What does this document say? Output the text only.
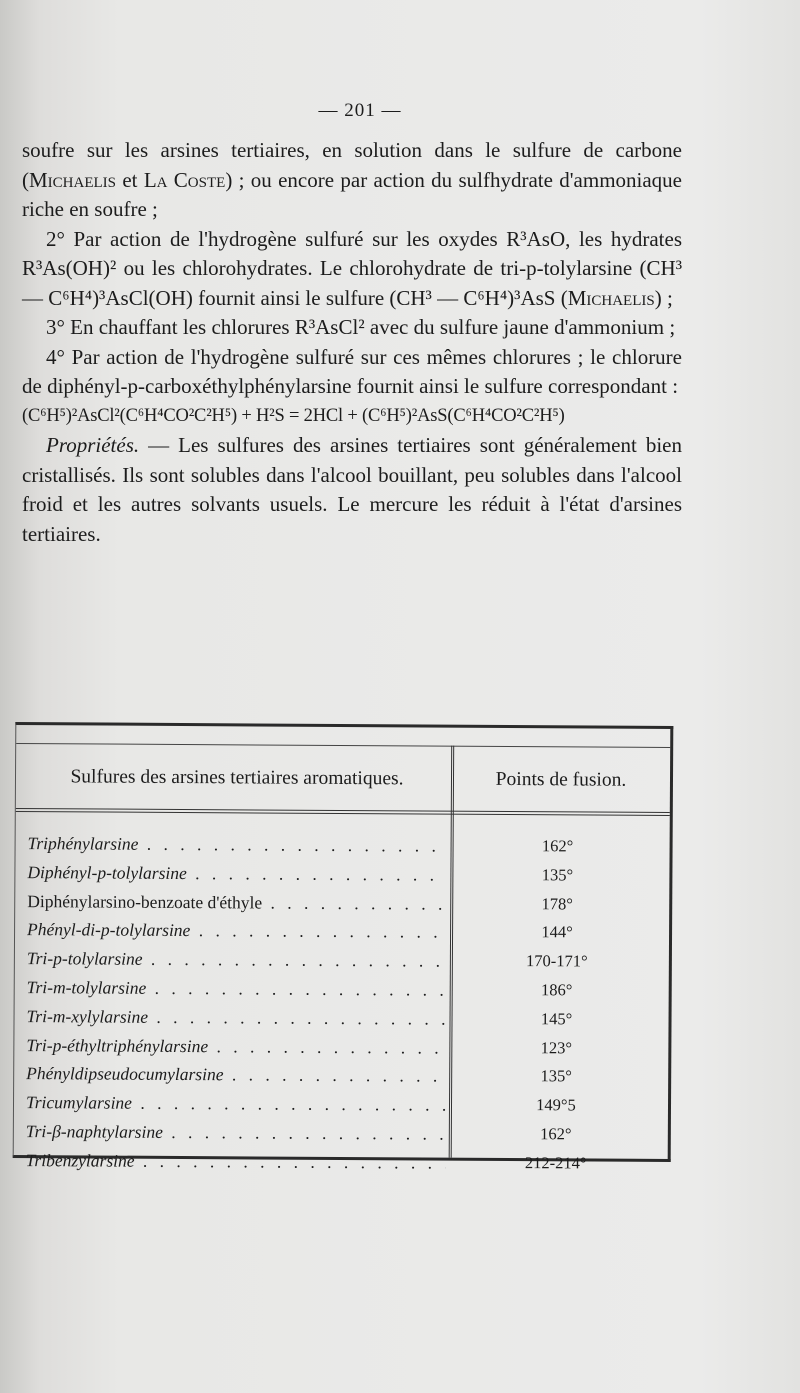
— 201 —

soufre sur les arsines tertiaires, en solution dans le sulfure de carbone (Michaelis et La Coste) ; ou encore par action du sulfhydrate d'ammoniaque riche en soufre ;

2° Par action de l'hydrogène sulfuré sur les oxydes R³AsO, les hydrates R³As(OH)² ou les chlorohydrates. Le chlorohydrate de tri-p-tolylarsine (CH³ — C⁶H⁴)³AsCl(OH) fournit ainsi le sulfure (CH³ — C⁶H⁴)³AsS (Michaelis) ;

3° En chauffant les chlorures R³AsCl² avec du sulfure jaune d'ammonium ;

4° Par action de l'hydrogène sulfuré sur ces mêmes chlorures ; le chlorure de diphényl-p-carboxéthylphénylarsine fournit ainsi le sulfure correspondant :

(C⁶H⁵)²AsCl²(C⁶H⁴CO²C²H⁵) + H²S = 2HCl + (C⁶H⁵)²AsS(C⁶H⁴CO²C²H⁵)

Propriétés. — Les sulfures des arsines tertiaires sont généralement bien cristallisés. Ils sont solubles dans l'alcool bouillant, peu solubles dans l'alcool froid et les autres solvants usuels. Le mercure les réduit à l'état d'arsines tertiaires.

Sulfures des arsines tertiaires aromatiques.	Points de fusion.
Triphénylarsine . . .	162°
Diphényl-p-tolylarsine . . .	135°
Diphénylarsino-benzoate d'éthyle . . .	178°
Phényl-di-p-tolylarsine . . .	144°
Tri-p-tolylarsine . . .	170-171°
Tri-m-tolylarsine . . .	186°
Tri-m-xylylarsine . . .	145°
Tri-p-éthyltriphénylarsine . . .	123°
Phényldipseudocumylarsine . . .	135°
Tricumylarsine . . .	149°5
Tri-β-naphtylarsine . . .	162°
Tribenzylarsine . . .	212-214°
